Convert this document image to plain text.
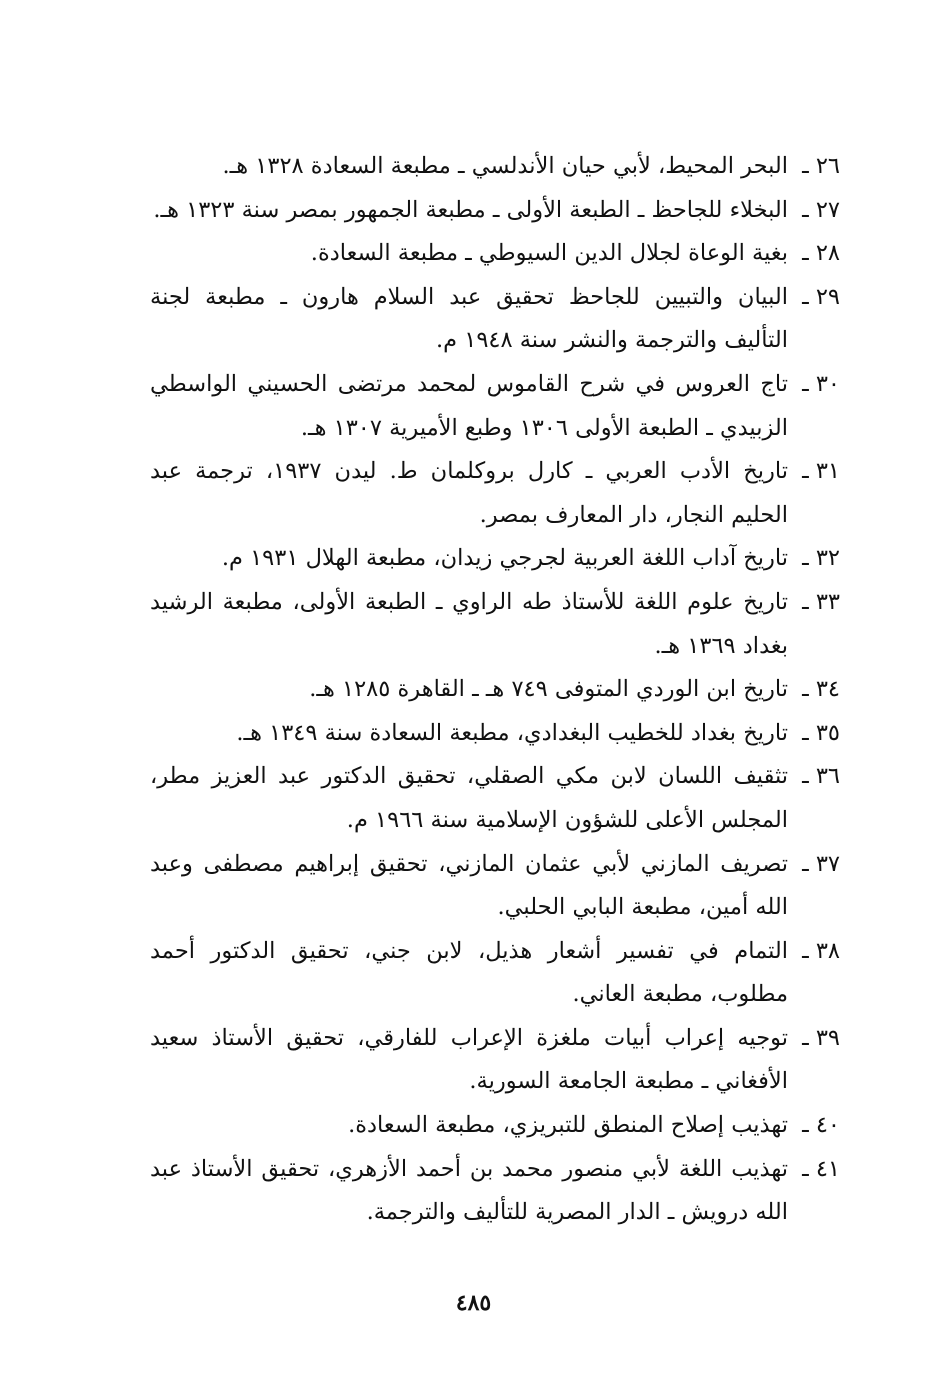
٢٦ ـ
البحر المحيط، لأبي حيان الأندلسي ـ مطبعة السعادة ١٣٢٨ هـ.
٢٧ ـ
البخلاء للجاحظ ـ الطبعة الأولى ـ مطبعة الجمهور بمصر سنة ١٣٢٣ هـ.
٢٨ ـ
بغية الوعاة لجلال الدين السيوطي ـ مطبعة السعادة.
٢٩ ـ
البيان والتبيين للجاحظ تحقيق عبد السلام هارون ـ مطبعة لجنة التأليف والترجمة والنشر سنة ١٩٤٨ م.
٣٠ ـ
تاج العروس في شرح القاموس لمحمد مرتضى الحسيني الواسطي الزبيدي ـ الطبعة الأولى ١٣٠٦ وطبع الأميرية ١٣٠٧ هـ.
٣١ ـ
تاريخ الأدب العربي ـ كارل بروكلمان ط. ليدن ١٩٣٧، ترجمة عبد الحليم النجار، دار المعارف بمصر.
٣٢ ـ
تاريخ آداب اللغة العربية لجرجي زيدان، مطبعة الهلال ١٩٣١ م.
٣٣ ـ
تاريخ علوم اللغة للأستاذ طه الراوي ـ الطبعة الأولى، مطبعة الرشيد بغداد ١٣٦٩ هـ.
٣٤ ـ
تاريخ ابن الوردي المتوفى ٧٤٩ هـ ـ القاهرة ١٢٨٥ هـ.
٣٥ ـ
تاريخ بغداد للخطيب البغدادي، مطبعة السعادة سنة ١٣٤٩ هـ.
٣٦ ـ
تثقيف اللسان لابن مكي الصقلي، تحقيق الدكتور عبد العزيز مطر، المجلس الأعلى للشؤون الإسلامية سنة ١٩٦٦ م.
٣٧ ـ
تصريف المازني لأبي عثمان المازني، تحقيق إبراهيم مصطفى وعبد الله أمين، مطبعة البابي الحلبي.
٣٨ ـ
التمام في تفسير أشعار هذيل، لابن جني، تحقيق الدكتور أحمد مطلوب، مطبعة العاني.
٣٩ ـ
توجيه إعراب أبيات ملغزة الإعراب للفارقي، تحقيق الأستاذ سعيد الأفغاني ـ مطبعة الجامعة السورية.
٤٠ ـ
تهذيب إصلاح المنطق للتبريزي، مطبعة السعادة.
٤١ ـ
تهذيب اللغة لأبي منصور محمد بن أحمد الأزهري، تحقيق الأستاذ عبد الله درويش ـ الدار المصرية للتأليف والترجمة.
٤٨٥
